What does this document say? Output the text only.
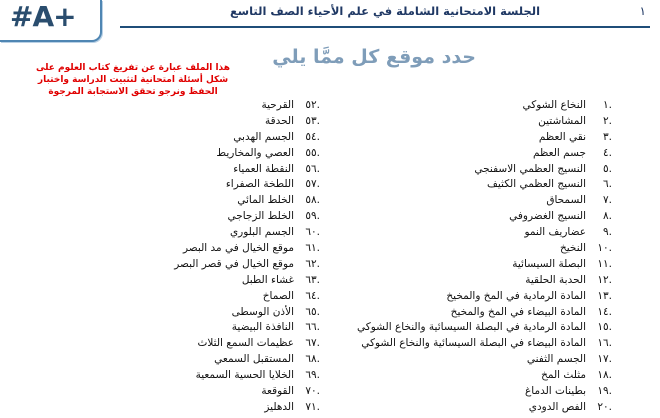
١
الجلسة الامتحانية الشاملة في علم الأحياء الصف التاسع
#A+
حدد موقع كل ممَّا يلي
هذا الملف عبارة عن تفريغ كتاب العلوم على
شكل أسئلة امتحانية لتثبيت الدراسة واختبار
الحفظ ونرجو تحقق الاستجابة المرجوة
.١
النخاع الشوكي
.٢
المشاشتين
.٣
نقي العظم
.٤
جسم العظم
.٥
النسيج العظمي الاسفنجي
.٦
النسيج العظمي الكثيف
.٧
السمحاق
.٨
النسيج الغضروفي
.٩
عضاريف النمو
.١٠
النخيخ
.١١
البصلة السيسائية
.١٢
الحدبة الحلقية
.١٣
المادة الرمادية في المخ والمخيخ
.١٤
المادة البيضاء في المخ والمخيخ
.١٥
المادة الرمادية في البصلة السيسائية والنخاع الشوكي
.١٦
المادة البيضاء في البصلة السيسائية والنخاع الشوكي
.١٧
الجسم الثفني
.١٨
مثلث المخ
.١٩
بطينات الدماغ
.٢٠
الفص الدودي
.٥٢
القرحية
.٥٣
الحدقة
.٥٤
الجسم الهدبي
.٥٥
العصي والمخاريط
.٥٦
النقطة العمياء
.٥٧
اللطخة الصفراء
.٥٨
الخلط المائي
.٥٩
الخلط الزجاجي
.٦٠
الجسم البلوري
.٦١
موقع الخيال في مد البصر
.٦٢
موقع الخيال في قصر البصر
.٦٣
غشاء الطبل
.٦٤
الصماخ
.٦٥
الأذن الوسطى
.٦٦
النافذة البيضية
.٦٧
عظيمات السمع الثلاث
.٦٨
المستقبل السمعي
.٦٩
الخلايا الحسية السمعية
.٧٠
القوقعة
.٧١
الدهليز
